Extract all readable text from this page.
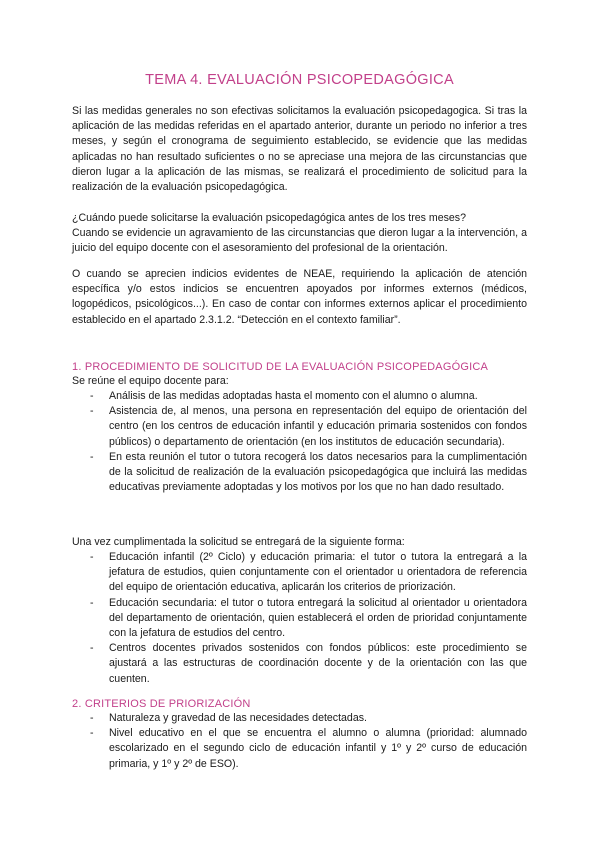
TEMA 4. EVALUACIÓN PSICOPEDAGÓGICA

Si las medidas generales no son efectivas solicitamos la evaluación psicopedagogica. Si tras la aplicación de las medidas referidas en el apartado anterior, durante un periodo no inferior a tres meses, y según el cronograma de seguimiento establecido, se evidencie que las medidas aplicadas no han resultado suficientes o no se apreciase una mejora de las circunstancias que dieron lugar a la aplicación de las mismas, se realizará el procedimiento de solicitud para la realización de la evaluación psicopedagógica.

¿Cuándo puede solicitarse la evaluación psicopedagógica antes de los tres meses?

Cuando se evidencie un agravamiento de las circunstancias que dieron lugar a la intervención, a juicio del equipo docente con el asesoramiento del profesional de la orientación.

O cuando se aprecien indicios evidentes de NEAE, requiriendo la aplicación de atención específica y/o estos indicios se encuentren apoyados por informes externos (médicos, logopédicos, psicológicos...). En caso de contar con informes externos aplicar el procedimiento establecido en el apartado 2.3.1.2. “Detección en el contexto familiar”.

1. PROCEDIMIENTO DE SOLICITUD DE LA EVALUACIÓN PSICOPEDAGÓGICA

Se reúne el equipo docente para:

- Análisis de las medidas adoptadas hasta el momento con el alumno o alumna.
- Asistencia de, al menos, una persona en representación del equipo de orientación del centro (en los centros de educación infantil y educación primaria sostenidos con fondos públicos) o departamento de orientación (en los institutos de educación secundaria).
- En esta reunión el tutor o tutora recogerá los datos necesarios para la cumplimentación de la solicitud de realización de la evaluación psicopedagógica que incluirá las medidas educativas previamente adoptadas y los motivos por los que no han dado resultado.

Una vez cumplimentada la solicitud se entregará de la siguiente forma:

- Educación infantil (2º Ciclo) y educación primaria: el tutor o tutora la entregará a la jefatura de estudios, quien conjuntamente con el orientador u orientadora de referencia del equipo de orientación educativa, aplicarán los criterios de priorización.
- Educación secundaria: el tutor o tutora entregará la solicitud al orientador u orientadora del departamento de orientación, quien establecerá el orden de prioridad conjuntamente con la jefatura de estudios del centro.
- Centros docentes privados sostenidos con fondos públicos: este procedimiento se ajustará a las estructuras de coordinación docente y de la orientación con las que cuenten.
2. CRITERIOS DE PRIORIZACIÓN
- Naturaleza y gravedad de las necesidades detectadas.
- Nivel educativo en el que se encuentra el alumno o alumna (prioridad: alumnado escolarizado en el segundo ciclo de educación infantil y 1º y 2º curso de educación primaria, y 1º y 2º de ESO).
